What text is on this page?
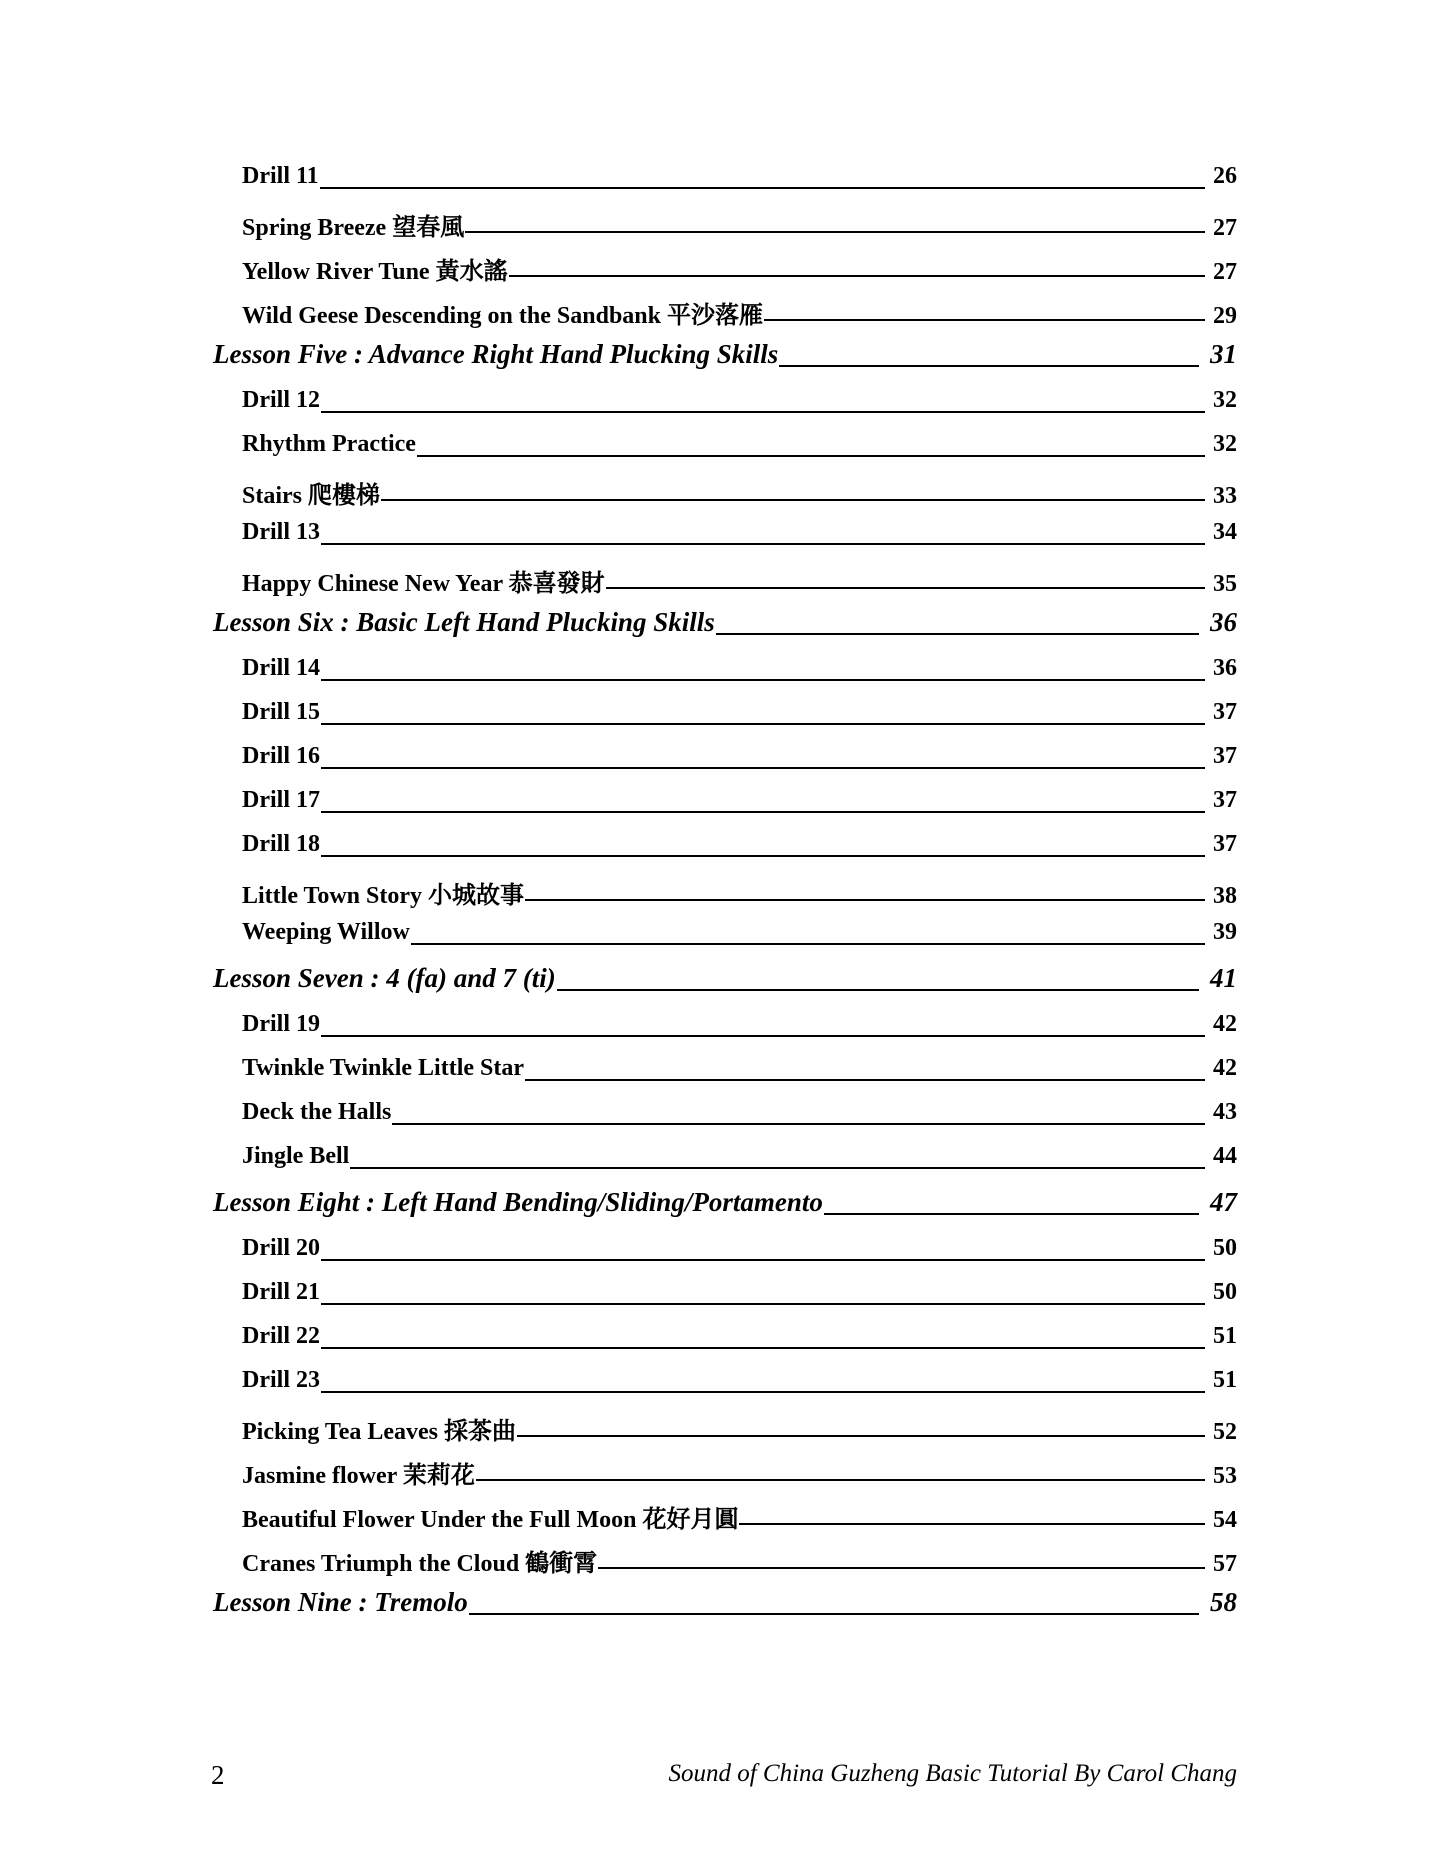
Drill 11	26
Spring Breeze 望春風	27
Yellow River Tune 黃水謠	27
Wild Geese Descending on the Sandbank 平沙落雁	29
Lesson Five : Advance Right Hand Plucking Skills	31
Drill 12	32
Rhythm Practice	32
Stairs 爬樓梯	33
Drill 13	34
Happy Chinese New Year 恭喜發財	35
Lesson Six : Basic Left Hand Plucking Skills	36
Drill 14	36
Drill 15	37
Drill 16	37
Drill 17	37
Drill 18	37
Little Town Story 小城故事	38
Weeping Willow	39
Lesson Seven : 4 (fa) and 7 (ti)	41
Drill 19	42
Twinkle Twinkle Little Star	42
Deck the Halls	43
Jingle Bell	44
Lesson Eight : Left Hand Bending/Sliding/Portamento	47
Drill 20	50
Drill 21	50
Drill 22	51
Drill 23	51
Picking Tea Leaves 採茶曲	52
Jasmine flower 茉莉花	53
Beautiful Flower Under the Full Moon 花好月圓	54
Cranes Triumph the Cloud 鶴衝霄	57
Lesson Nine : Tremolo	58
2	Sound of China Guzheng Basic Tutorial By Carol Chang
